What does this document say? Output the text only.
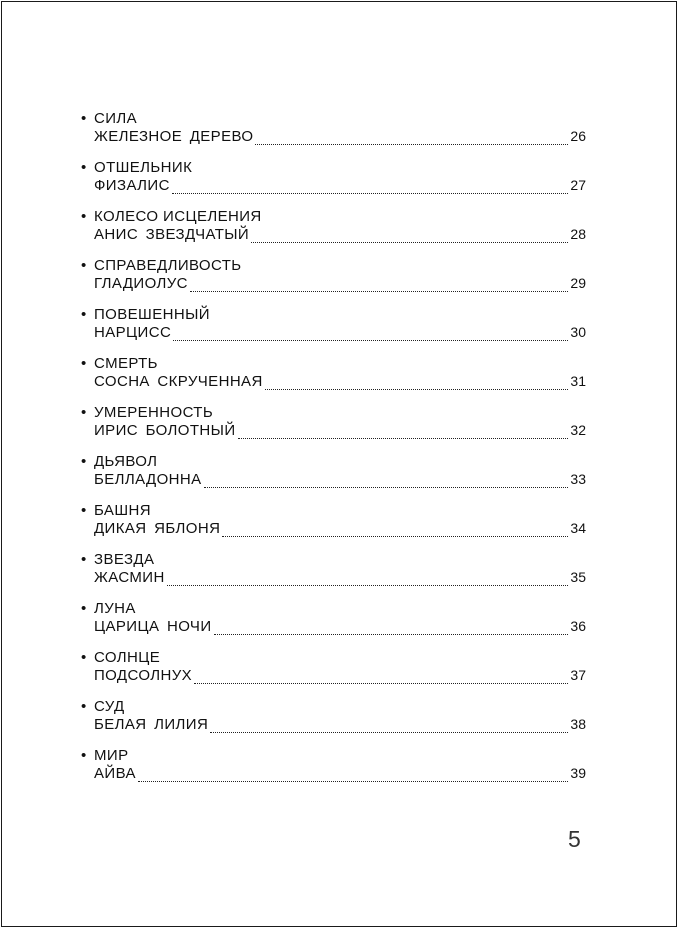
• СИЛА
ЖЕЛЕЗНОЕ ДЕРЕВО	26
• ОТШЕЛЬНИК
ФИЗАЛИС	27
• КОЛЕСО ИСЦЕЛЕНИЯ
АНИС ЗВЕЗДЧАТЫЙ	28
• СПРАВЕДЛИВОСТЬ
ГЛАДИОЛУС	29
• ПОВЕШЕННЫЙ
НАРЦИСС	30
• СМЕРТЬ
СОСНА СКРУЧЕННАЯ	31
• УМЕРЕННОСТЬ
ИРИС БОЛОТНЫЙ	32
• ДЬЯВОЛ
БЕЛЛАДОННА	33
• БАШНЯ
ДИКАЯ ЯБЛОНЯ	34
• ЗВЕЗДА
ЖАСМИН	35
• ЛУНА
ЦАРИЦА НОЧИ	36
• СОЛНЦЕ
ПОДСОЛНУХ	37
• СУД
БЕЛАЯ ЛИЛИЯ	38
• МИР
АЙВА	39
5
